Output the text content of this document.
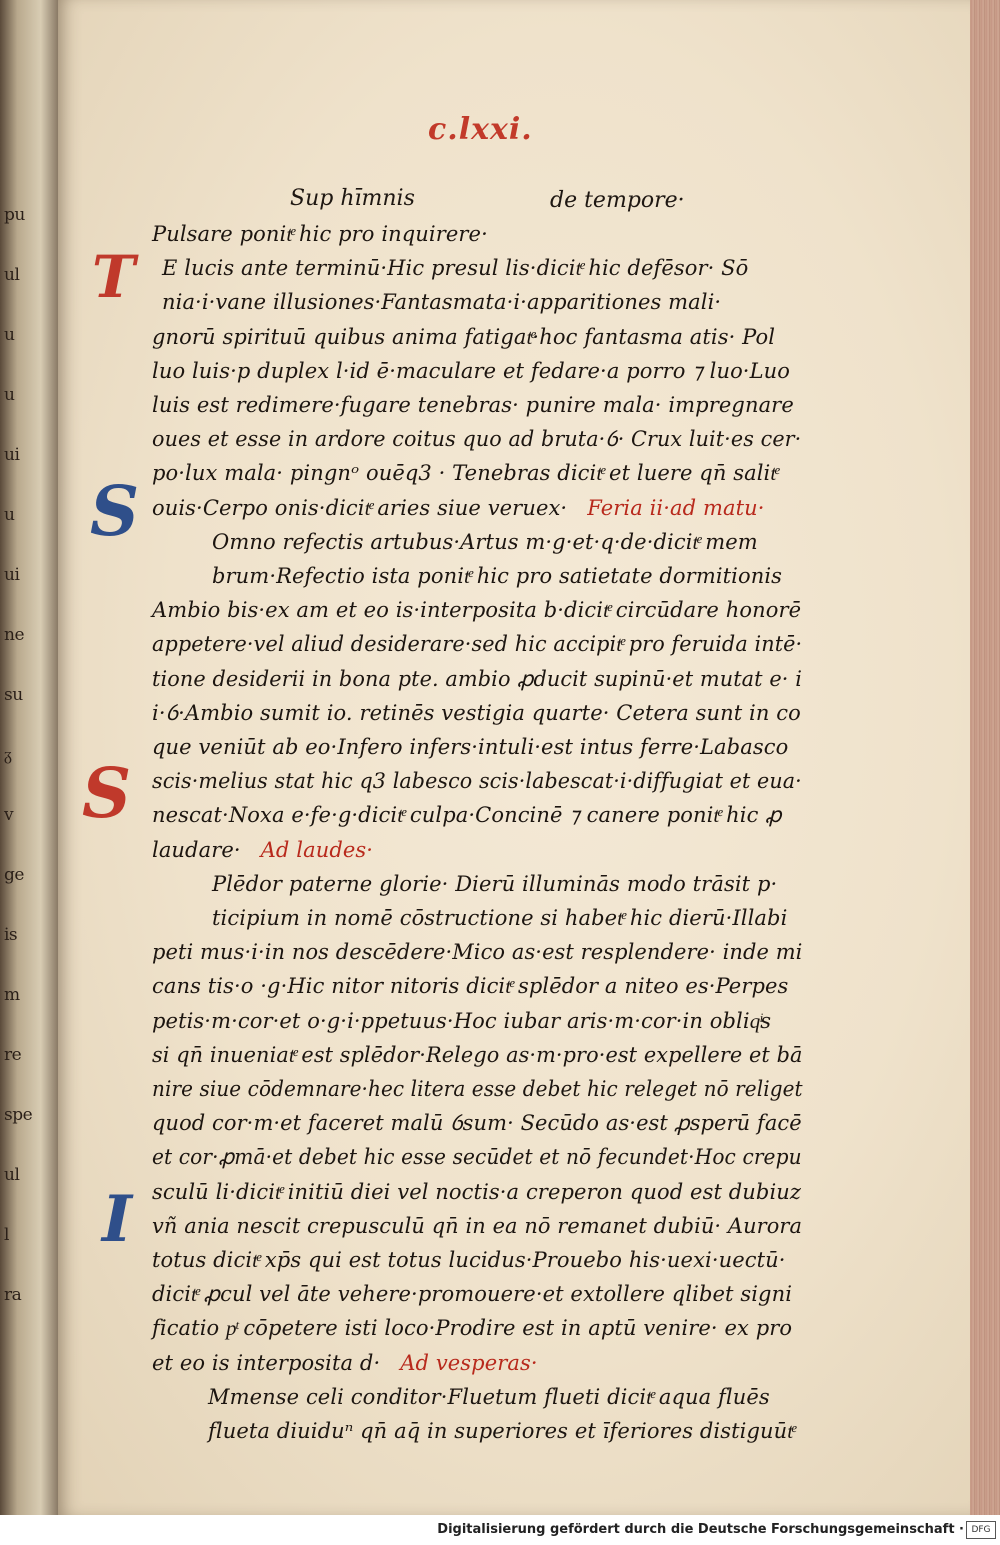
pu
ul
u
u
ui
u
ui
ne
su
ᵹ
v
ge
is
m
re
spe
ul
l
ra
c.lxxi.
Sup hīmnis	de tempore·
Pulsare ponitͤ hic pro inquirere·
E lucis ante terminū·Hic presul lis·dicitͤ hic defēsor· Sō
nia·i·vane illusiones·Fantasmata·i·apparitiones mali·
gnorū spirituū quibus anima fatigatͤ·hoc fantasma atis· Pol
luo luis·p duplex l·id ē·maculare et fedare·a porro ⁊ luo·Luo
luis est redimere·fugare tenebras· punire mala· impregnare
oues et esse in ardore coitus quo ad bruta·ỽ· Crux luit·es cer·
po·lux mala· pingnᵒ ouēq3 · Tenebras dicitͤ et luere qn̄ salitͤ
ouis·Cerpo onis·dicitͤ aries siue veruex· Feria ii·ad matu·
Omno refectis artubus·Artus m·g·et·q·de·dicitͤ mem
brum·Refectio ista ponitͤ hic pro satietate dormitionis
Ambio bis·ex am et eo is·interposita b·dicitͤ circūdare honorē
appetere·vel aliud desiderare·sed hic accipitͤ pro feruida intē·
tione desiderii in bona pte. ambio ꝓducit supinū·et mutat e· i
i·ỽ·Ambio sumit io. retinēs vestigia quarte· Cetera sunt in co
que veniūt ab eo·Infero infers·intuli·est intus ferre·Labasco
scis·melius stat hic q3 labesco scis·labescat·i·diffugiat et eua·
nescat·Noxa e·fe·g·dicitͤ culpa·Concinē ⁊ canere ponitͤ hic ꝓ
laudare· Ad laudes·
Plēdor paterne glorie· Dierū illuminās modo trāsit p·
ticipium in nomē cōstructione si habetͤ hic dierū·Illabi
peti mus·i·in nos descēdere·Mico as·est resplendere· inde mi
cans tis·o ·g·Hic nitor nitoris dicitͤ splēdor a niteo es·Perpes
petis·m·cor·et o·g·i·ppetuus·Hoc iubar aris·m·cor·in obliqͥs
si qn̄ inueniatͤ est splēdor·Relego as·m·pro·est expellere et bā
nire siue cōdemnare·hec litera esse debet hic releget nō religet
quod cor·m·et faceret malū ỽsum· Secūdo as·est ꝓsperū facē
et cor·ꝓmā·et debet hic esse secūdet et nō fecundet·Hoc crepu
sculū li·dicitͤ initiū diei vel noctis·a creperon quod est dubiuz
vñ ania nescit crepusculū qn̄ in ea nō remanet dubiū· Aurora
totus dicitͤ xp̄s qui est totus lucidus·Prouebo his·uexi·uectū·
dicitͤ ꝓcul vel āte vehere·promouere·et extollere qlibet signi
ficatio pͭ cōpetere isti loco·Prodire est in aptū venire· ex pro
et eo is interposita d· Ad vesperas·
Mmense celi conditor·Fluetum flueti dicitͤ aqua fluēs
flueta diuiduⁿ qn̄ aq̄ in superiores et īferiores distiguūtͤ
T
S
S
I
Digitalisierung gefördert durch die Deutsche Forschungsgemeinschaft · DFG
